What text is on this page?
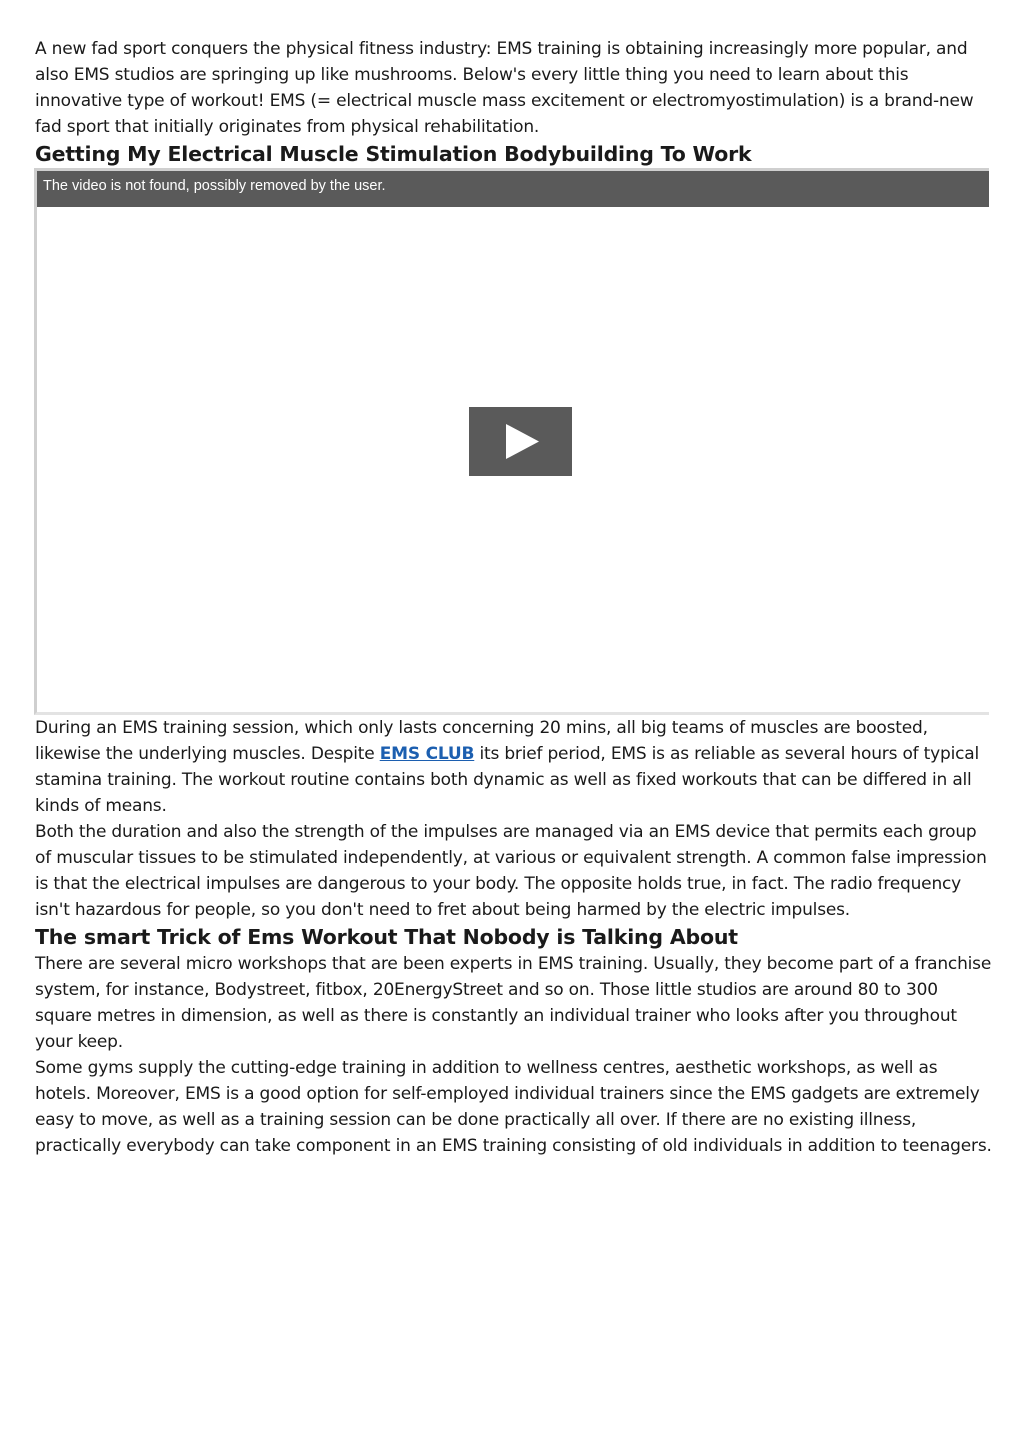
A new fad sport conquers the physical fitness industry: EMS training is obtaining increasingly more popular, and also EMS studios are springing up like mushrooms. Below's every little thing you need to learn about this innovative type of workout! EMS (= electrical muscle mass excitement or electromyostimulation) is a brand-new fad sport that initially originates from physical rehabilitation.

Getting My Electrical Muscle Stimulation Bodybuilding To Work
The video is not found, possibly removed by the user.

During an EMS training session, which only lasts concerning 20 mins, all big teams of muscles are boosted, likewise the underlying muscles. Despite EMS CLUB its brief period, EMS is as reliable as several hours of typical stamina training. The workout routine contains both dynamic as well as fixed workouts that can be differed in all kinds of means.

Both the duration and also the strength of the impulses are managed via an EMS device that permits each group of muscular tissues to be stimulated independently, at various or equivalent strength. A common false impression is that the electrical impulses are dangerous to your body. The opposite holds true, in fact. The radio frequency isn't hazardous for people, so you don't need to fret about being harmed by the electric impulses.

The smart Trick of Ems Workout That Nobody is Talking About

There are several micro workshops that are been experts in EMS training. Usually, they become part of a franchise system, for instance, Bodystreet, fitbox, 20EnergyStreet and so on. Those little studios are around 80 to 300 square metres in dimension, as well as there is constantly an individual trainer who looks after you throughout your keep.

Some gyms supply the cutting-edge training in addition to wellness centres, aesthetic workshops, as well as hotels. Moreover, EMS is a good option for self-employed individual trainers since the EMS gadgets are extremely easy to move, as well as a training session can be done practically all over. If there are no existing illness, practically everybody can take component in an EMS training consisting of old individuals in addition to teenagers.
